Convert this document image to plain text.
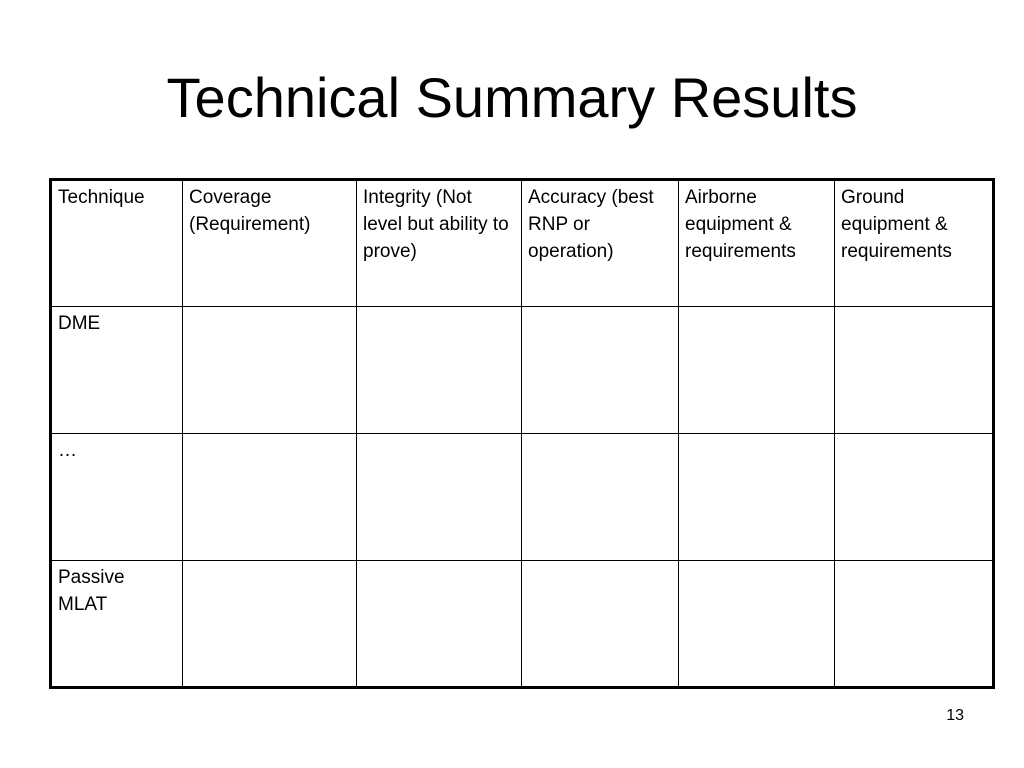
Technical Summary Results
Technique	Coverage (Requirement)	Integrity (Not level but ability to prove)	Accuracy (best RNP or operation)	Airborne equipment & requirements	Ground equipment & requirements
DME					
…					
Passive MLAT					
13
